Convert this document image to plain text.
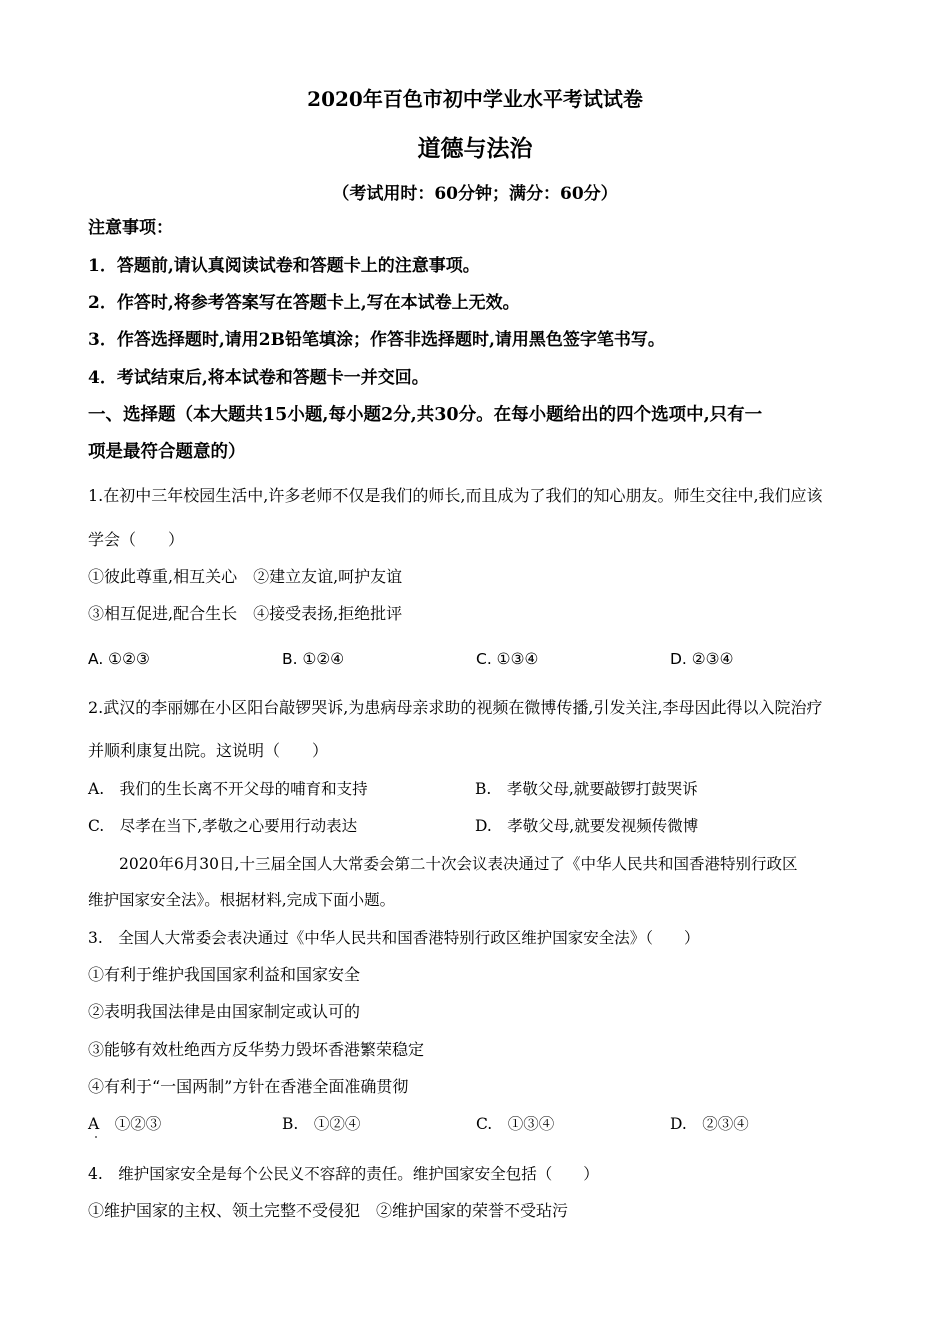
2020年百色市初中学业水平考试试卷
道德与法治
（考试用时：60分钟；满分：60分）
注意事项：
1．答题前,请认真阅读试卷和答题卡上的注意事项。
2．作答时,将参考答案写在答题卡上,写在本试卷上无效。
3．作答选择题时,请用2B铅笔填涂；作答非选择题时,请用黑色签字笔书写。
4．考试结束后,将本试卷和答题卡一并交回。
一、选择题（本大题共15小题,每小题2分,共30分。在每小题给出的四个选项中,只有一
项是最符合题意的）
1.在初中三年校园生活中,许多老师不仅是我们的师长,而且成为了我们的知心朋友。师生交往中,我们应该
学会（　　）
①彼此尊重,相互关心　②建立友谊,呵护友谊
③相互促进,配合生长　④接受表扬,拒绝批评
A. ①②③	B. ①②④	C. ①③④	D. ②③④
2.武汉的李丽娜在小区阳台敲锣哭诉,为患病母亲求助的视频在微博传播,引发关注,李母因此得以入院治疗
并顺利康复出院。这说明（　　）
A.　我们的生长离不开父母的哺育和支持	B.　孝敬父母,就要敲锣打鼓哭诉
C.　尽孝在当下,孝敬之心要用行动表达	D.　孝敬父母,就要发视频传微博
2020年6月30日,十三届全国人大常委会第二十次会议表决通过了《中华人民共和国香港特别行政区
维护国家安全法》。根据材料,完成下面小题。
3.　全国人大常委会表决通过《中华人民共和国香港特别行政区维护国家安全法》（　　）
①有利于维护我国国家利益和国家安全
②表明我国法律是由国家制定或认可的
③能够有效杜绝西方反华势力毁坏香港繁荣稳定
④有利于“一国两制”方针在香港全面准确贯彻
A　①②③	B.　①②④	C.　①③④	D.　②③④
4.　维护国家安全是每个公民义不容辞的责任。维护国家安全包括（　　）
①维护国家的主权、领土完整不受侵犯　②维护国家的荣誉不受玷污
